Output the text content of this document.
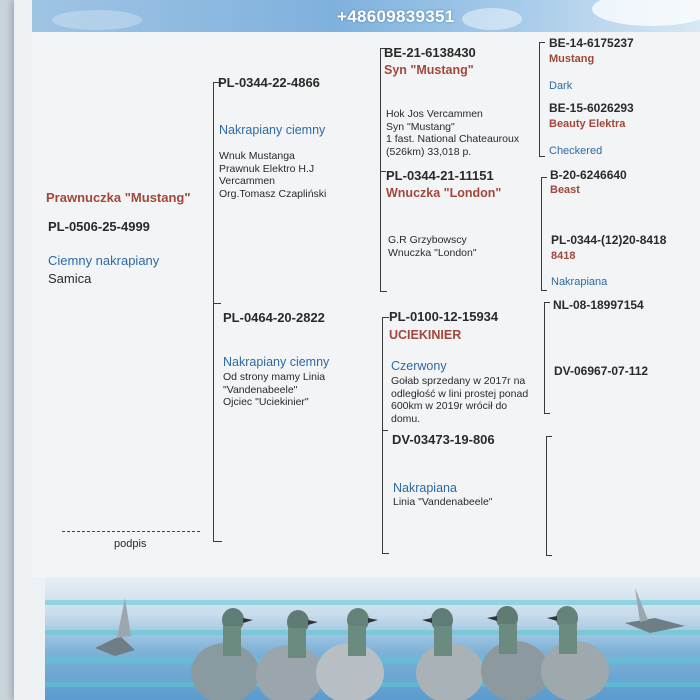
+48609839351
Prawnuczka "Mustang"
PL-0506-25-4999
Ciemny nakrapiany
Samica
podpis
PL-0344-22-4866
Nakrapiany ciemny
Wnuk Mustanga
Prawnuk Elektro H.J
Vercammen
Org.Tomasz Czapliński
PL-0464-20-2822
Nakrapiany ciemny
Od strony mamy Linia
"Vandenabeele"
Ojciec "Uciekinier"
BE-21-6138430
Syn "Mustang"
Hok Jos Vercammen
Syn "Mustang"
1 fast. National Chateauroux
(526km) 33,018 p.
PL-0344-21-11151
Wnuczka "London"
G.R Grzybowscy
Wnuczka "London"
PL-0100-12-15934
UCIEKINIER
Czerwony
Gołab sprzedany w 2017r na
odległość w lini prostej ponad
600km w 2019r wrócił do
domu.
DV-03473-19-806
Nakrapiana
Linia "Vandenabeele"
BE-14-6175237
Mustang
Dark
BE-15-6026293
Beauty Elektra
Checkered
B-20-6246640
Beast
PL-0344-(12)20-8418
8418
Nakrapiana
NL-08-18997154
DV-06967-07-112
